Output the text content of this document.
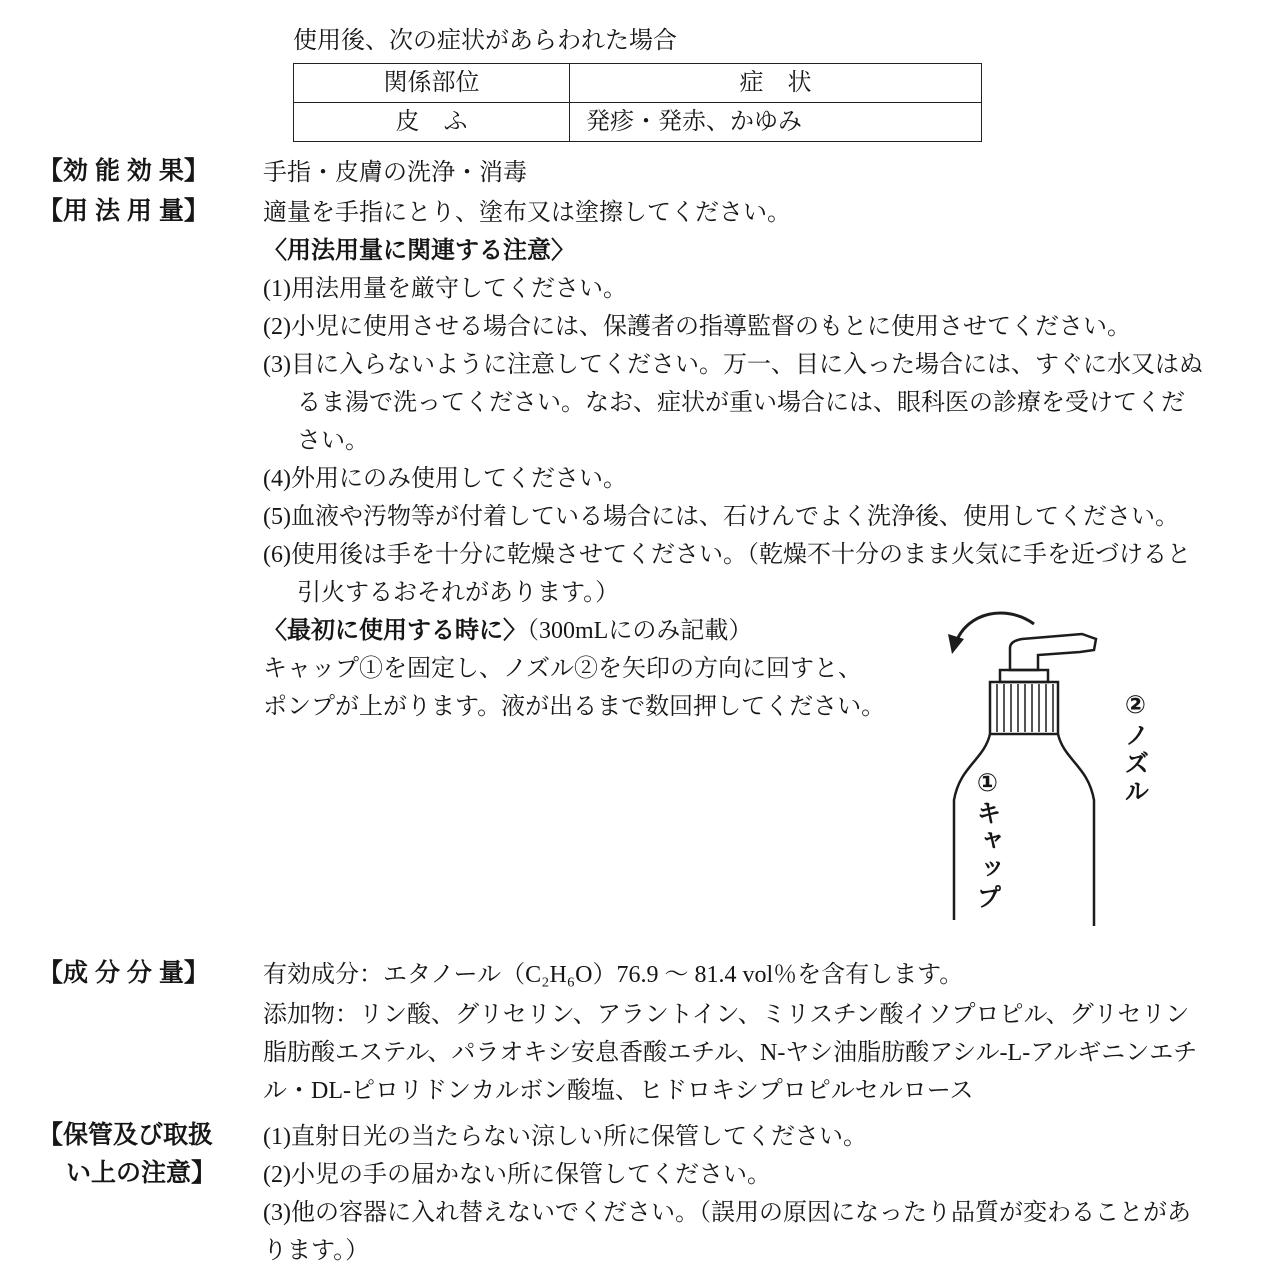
使用後、次の症状があらわれた場合
関係部位	症　状
皮　ふ	発疹・発赤、かゆみ
【効 能 効 果】 手指・皮膚の洗浄・消毒
【用 法 用 量】 適量を手指にとり、塗布又は塗擦してください。
〈用法用量に関連する注意〉
(1)用法用量を厳守してください。
(2)小児に使用させる場合には、保護者の指導監督のもとに使用させてください。
(3)目に入らないように注意してください。万一、目に入った場合には、すぐに水又はぬるま湯で洗ってください。なお、症状が重い場合には、眼科医の診療を受けてください。
(4)外用にのみ使用してください。
(5)血液や汚物等が付着している場合には、石けんでよく洗浄後、使用してください。
(6)使用後は手を十分に乾燥させてください。（乾燥不十分のまま火気に手を近づけると引火するおそれがあります。）
〈最初に使用する時に〉（300mLにのみ記載）
キャップ①を固定し、ノズル②を矢印の方向に回すと、
ポンプが上がります。液が出るまで数回押してください。	②ノズル
①キャップ
【成 分 分 量】 有効成分：エタノール（C₂H₆O）76.9 ～ 81.4 vol％を含有します。
添加物：リン酸、グリセリン、アラントイン、ミリスチン酸イソプロピル、グリセリン脂肪酸エステル、パラオキシ安息香酸エチル、N-ヤシ油脂肪酸アシル-L-アルギニンエチル・DL-ピロリドンカルボン酸塩、ヒドロキシプロピルセルロース
【保管及び取扱
い上の注意】
(1)直射日光の当たらない涼しい所に保管してください。
(2)小児の手の届かない所に保管してください。
(3)他の容器に入れ替えないでください。（誤用の原因になったり品質が変わることがあります。）
